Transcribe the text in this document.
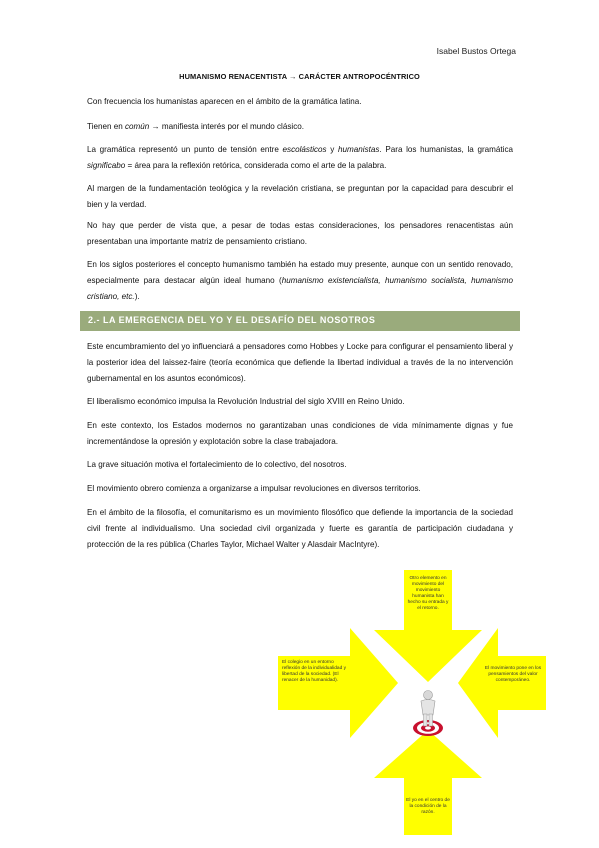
Isabel Bustos Ortega
HUMANISMO RENACENTISTA → CARÁCTER ANTROPOCÉNTRICO
Con frecuencia los humanistas aparecen en el ámbito de la gramática latina.
Tienen en común → manifiesta interés por el mundo clásico.
La gramática representó un punto de tensión entre escolásticos y humanistas. Para los humanistas, la gramática significabo = área para la reflexión retórica, considerada como el arte de la palabra.
Al margen de la fundamentación teológica y la revelación cristiana, se preguntan por la capacidad para descubrir el bien y la verdad.
No hay que perder de vista que, a pesar de todas estas consideraciones, los pensadores renacentistas aún presentaban una importante matriz de pensamiento cristiano.
En los siglos posteriores el concepto humanismo también ha estado muy presente, aunque con un sentido renovado, especialmente para destacar algún ideal humano (humanismo existencialista, humanismo socialista, humanismo cristiano, etc.).
2.- LA EMERGENCIA DEL YO Y EL DESAFÍO DEL NOSOTROS
Este encumbramiento del yo influenciará a pensadores como Hobbes y Locke para configurar el pensamiento liberal y la posterior idea del laissez-faire (teoría económica que defiende la libertad individual a través de la no intervención gubernamental en los asuntos económicos).
El liberalismo económico impulsa la Revolución Industrial del siglo XVIII en Reino Unido.
En este contexto, los Estados modernos no garantizaban unas condiciones de vida mínimamente dignas y fue incrementándose la opresión y explotación sobre la clase trabajadora.
La grave situación motiva el fortalecimiento de lo colectivo, del nosotros.
El movimiento obrero comienza a organizarse a impulsar revoluciones en diversos territorios.
En el ámbito de la filosofía, el comunitarismo es un movimiento filosófico que defiende la importancia de la sociedad civil frente al individualismo. Una sociedad civil organizada y fuerte es garantía de participación ciudadana y protección de la res pública (Charles Taylor, Michael Walter y Alasdair MacIntyre).
Otro elemento en movimiento del movimiento humanista han hecho su entrada y el retorno.
El colegio en un entorno reflexión de la individualidad y libertad de la sociedad. (El renacer de la humanidad).
El movimiento pone en los pensamientos del valor contemporáneo.
El yo en el centro de la condición de la razón.
